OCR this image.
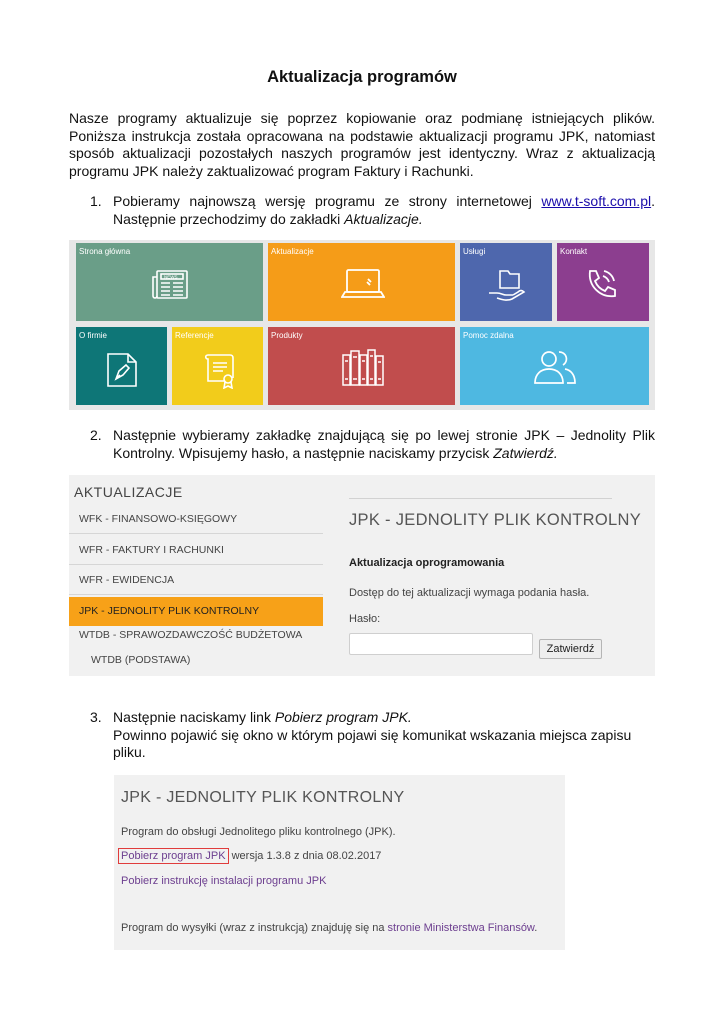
Aktualizacja programów
Nasze programy aktualizuje się poprzez kopiowanie oraz podmianę istniejących plików. Poniższa instrukcja została opracowana na podstawie aktualizacji programu JPK, natomiast sposób aktualizacji pozostałych naszych programów jest identyczny. Wraz z aktualizacją programu JPK należy zaktualizować program Faktury i Rachunki.
1. Pobieramy najnowszą wersję programu ze strony internetowej www.t-soft.com.pl. Następnie przechodzimy do zakładki Aktualizacje.
Strona główna
NEWS
Aktualizacje	Usługi	Kontakt
O firmie	Referencje	Produkty	Pomoc zdalna
2. Następnie wybieramy zakładkę znajdującą się po lewej stronie JPK – Jednolity Plik Kontrolny. Wpisujemy hasło, a następnie naciskamy przycisk Zatwierdź.
AKTUALIZACJE
WFK - FINANSOWO-KSIĘGOWY
WFR - FAKTURY I RACHUNKI
WFR - EWIDENCJA
JPK - JEDNOLITY PLIK KONTROLNY
WTDB - SPRAWOZDAWCZOŚĆ BUDŻETOWA
WTDB (PODSTAWA)
JPK - JEDNOLITY PLIK KONTROLNY
Aktualizacja oprogramowania
Dostęp do tej aktualizacji wymaga podania hasła.
Hasło:
Zatwierdź
3. Następnie naciskamy link Pobierz program JPK.
Powinno pojawić się okno w którym pojawi się komunikat wskazania miejsca zapisu pliku.
JPK - JEDNOLITY PLIK KONTROLNY
Program do obsługi Jednolitego pliku kontrolnego (JPK).
Pobierz program JPK wersja 1.3.8 z dnia 08.02.2017
Pobierz instrukcję instalacji programu JPK
Program do wysyłki (wraz z instrukcją) znajduję się na stronie Ministerstwa Finansów.
